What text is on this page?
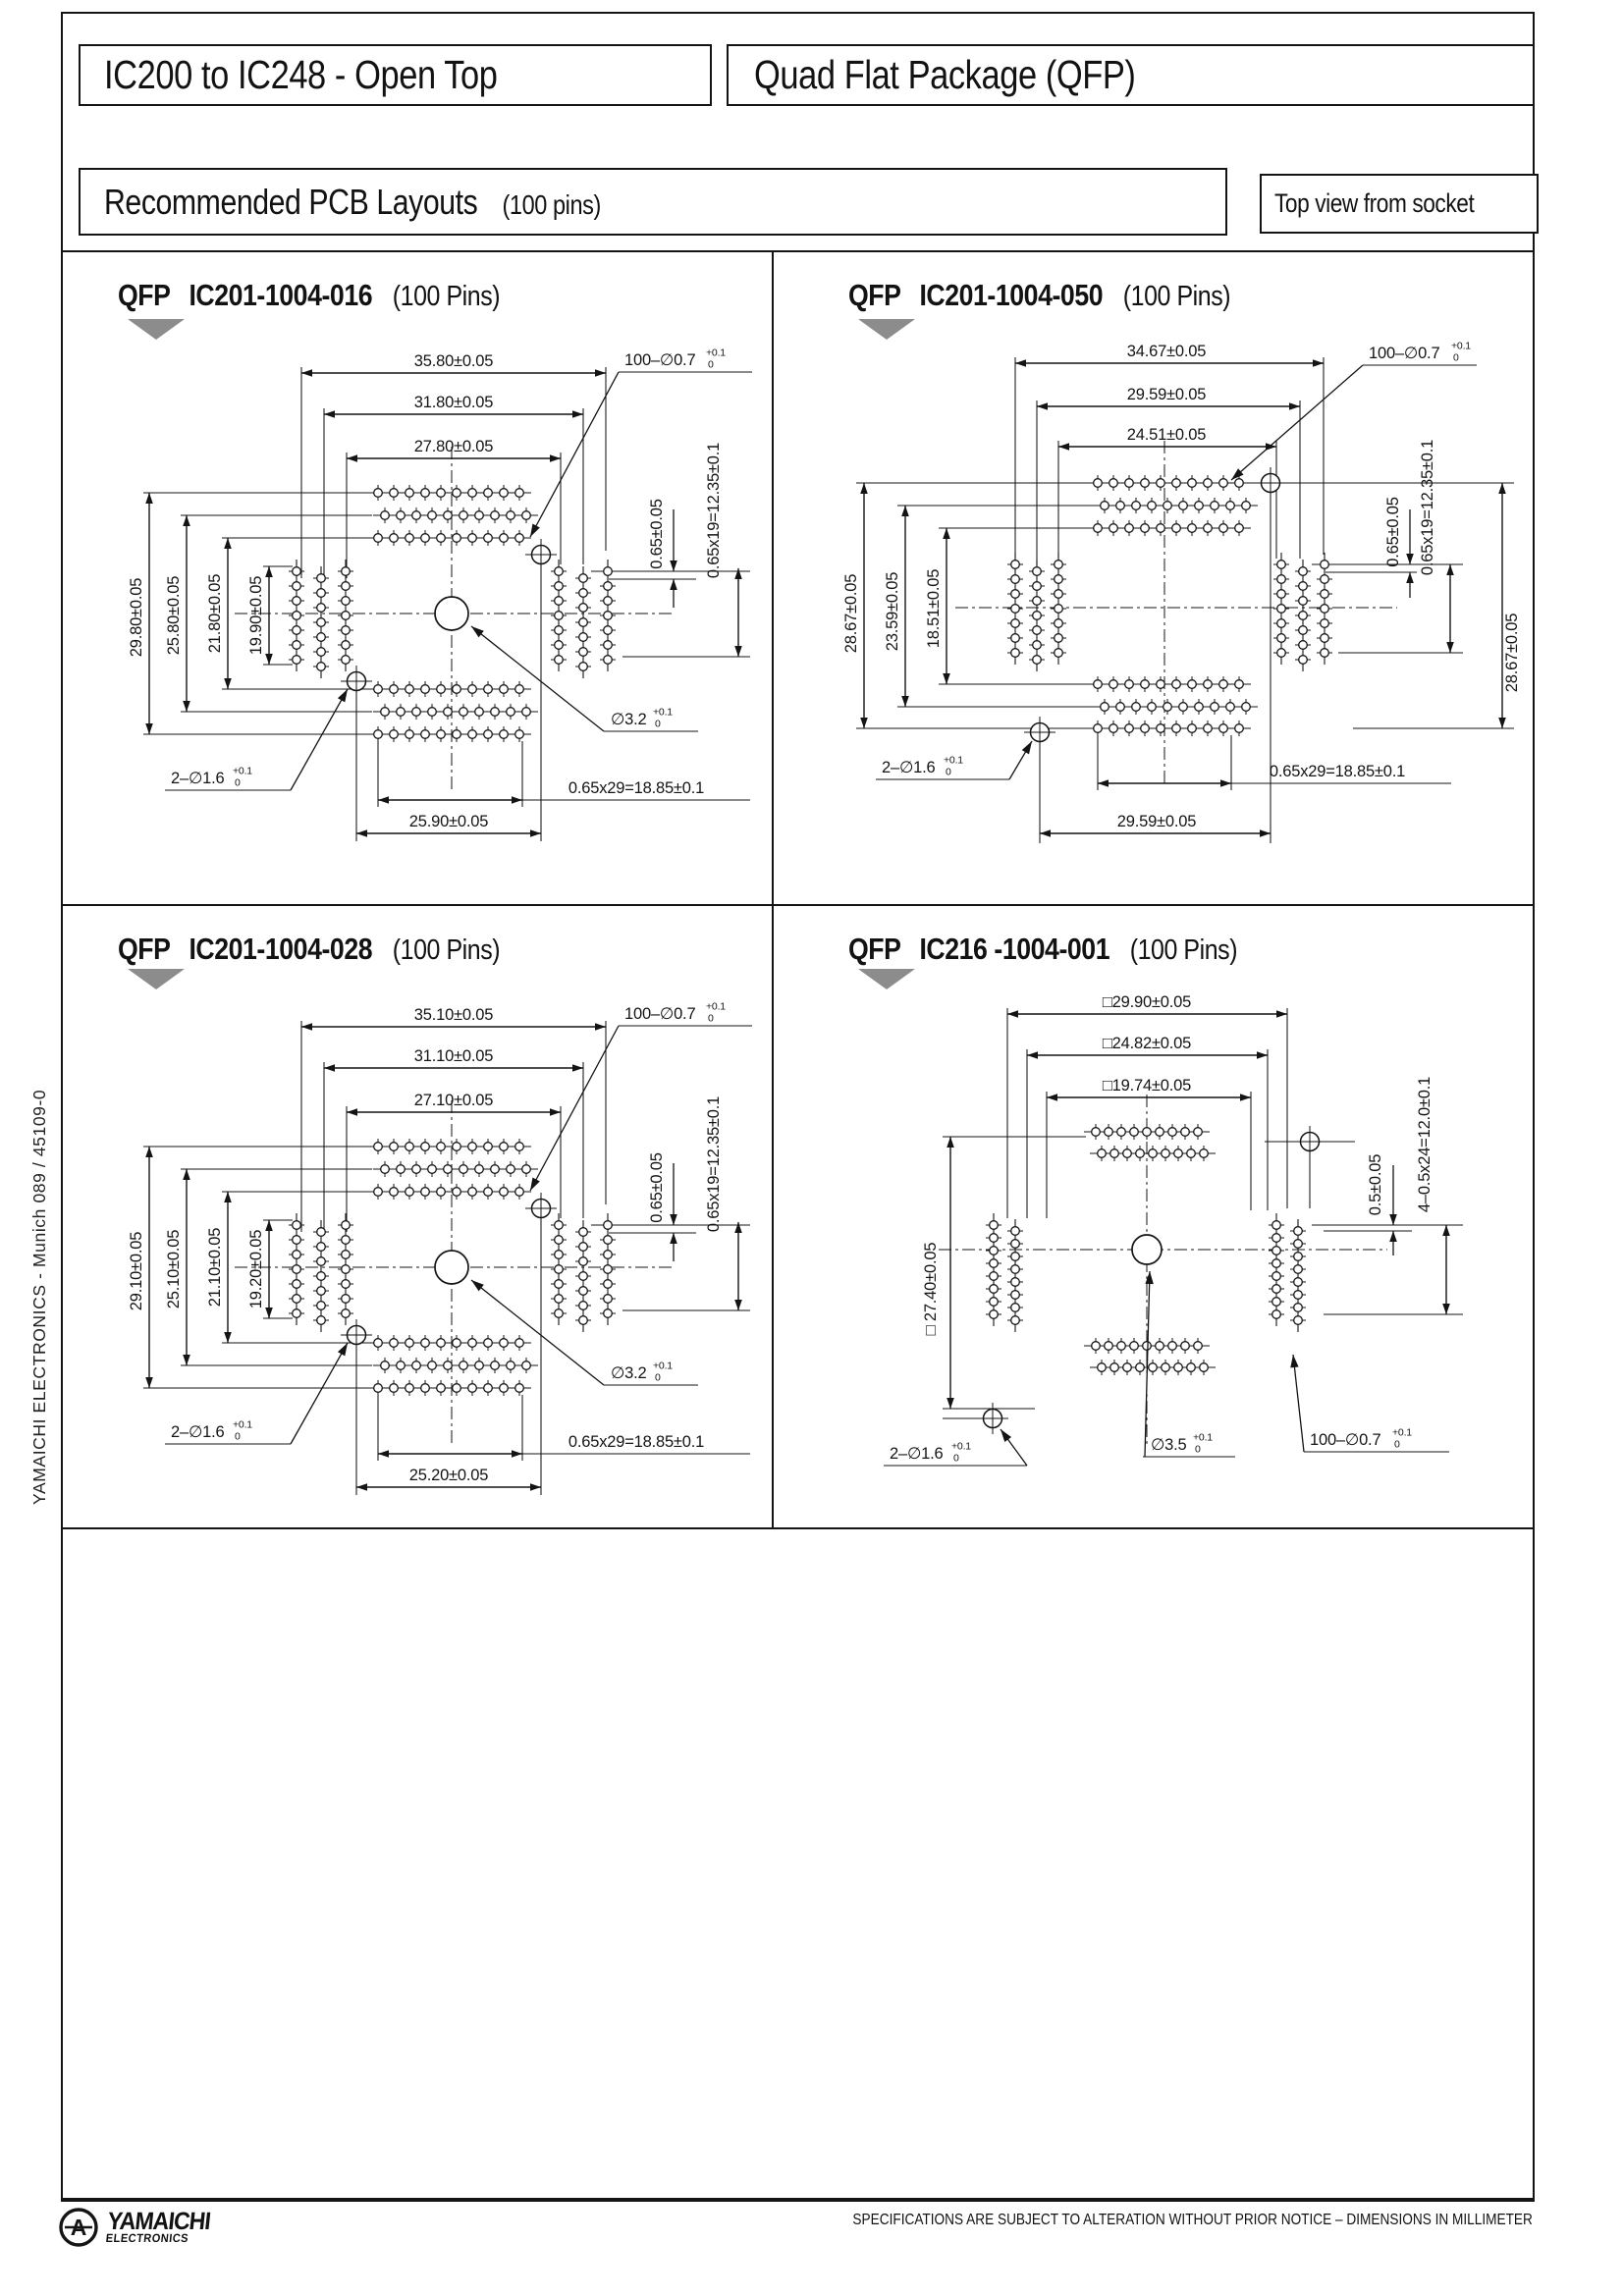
IC200 to IC248 - Open Top	Quad Flat Package (QFP)
Recommended PCB Layouts (100 pins)	Top view from socket
35.80±0.05
31.80±0.05
27.80±0.05
29.80±0.05 25.80±0.05 21.80±0.05 19.90±0.05
0.65±0.05 0.65x19=12.35±0.1
0.65x29=18.85±0.1
25.90±0.05
100–∅0.7 +0.1
0
∅3.2 +0.1
0
2–∅1.6 +0.1
0
QFP IC201-1004-016 (100 Pins)
34.67±0.05
29.59±0.05
24.51±0.05
28.67±0.05 23.59±0.05 18.51±0.05
0.65±0.05 0.65x19=12.35±0.1
28.67±0.05
0.65x29=18.85±0.1
29.59±0.05
100–∅0.7 +0.1
0
2–∅1.6 +0.1
0
QFP IC201-1004-050 (100 Pins)
35.10±0.05
31.10±0.05
27.10±0.05
29.10±0.05 25.10±0.05 21.10±0.05 19.20±0.05
0.65±0.05 0.65x19=12.35±0.1
0.65x29=18.85±0.1
25.20±0.05
100–∅0.7 +0.1
0
∅3.2 +0.1
0
2–∅1.6 +0.1
0
QFP IC201-1004-028 (100 Pins)
□29.90±0.05
□24.82±0.05
□19.74±0.05
□ 27.40±0.05
0.5±0.05 4–0.5x24=12.0±0.1
100–∅0.7 +0.1
0
∅3.5 +0.1
0
2–∅1.6 +0.1
0
QFP IC216 -1004-001 (100 Pins)
YAMAICHI ELECTRONICS - Munich 089 / 45109-0
A YAMAICHI
ELECTRONICS
SPECIFICATIONS ARE SUBJECT TO ALTERATION WITHOUT PRIOR NOTICE – DIMENSIONS IN MILLIMETER
